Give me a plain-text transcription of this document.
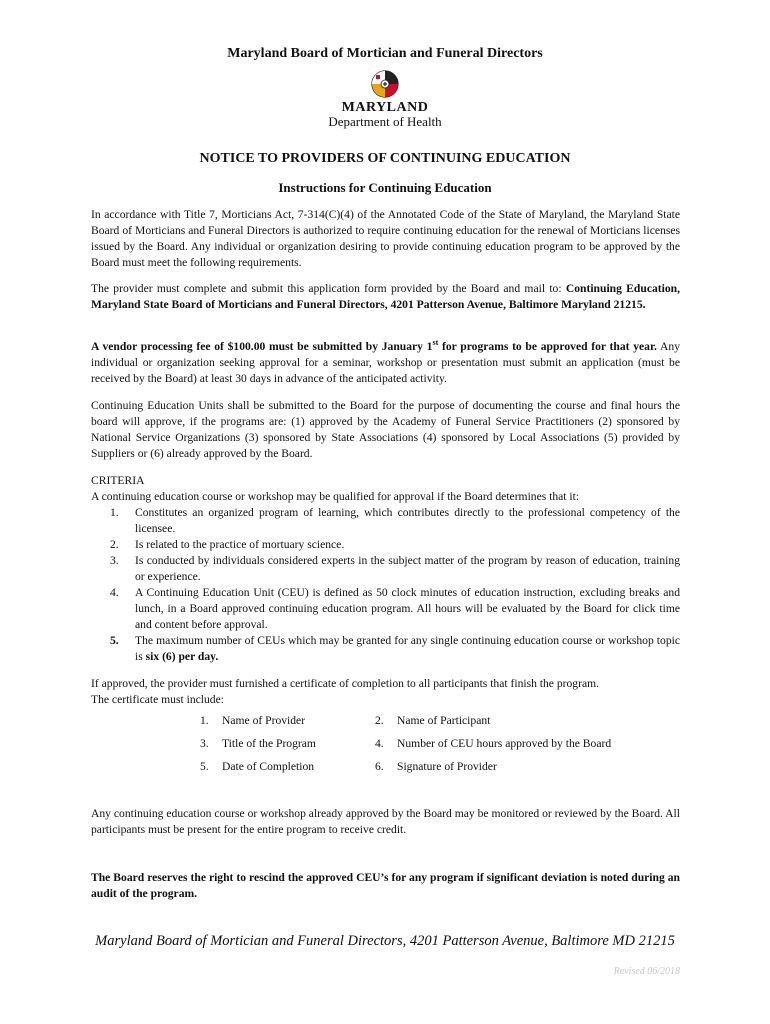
Maryland Board of Mortician and Funeral Directors
MARYLAND
Department of Health
NOTICE TO PROVIDERS OF CONTINUING EDUCATION
Instructions for Continuing Education

In accordance with Title 7, Morticians Act, 7-314(C)(4) of the Annotated Code of the State of Maryland, the Maryland State Board of Morticians and Funeral Directors is authorized to require continuing education for the renewal of Morticians licenses issued by the Board. Any individual or organization desiring to provide continuing education program to be approved by the Board must meet the following requirements.

The provider must complete and submit this application form provided by the Board and mail to: Continuing Education, Maryland State Board of Morticians and Funeral Directors, 4201 Patterson Avenue, Baltimore Maryland 21215.

A vendor processing fee of $100.00 must be submitted by January 1st for programs to be approved for that year. Any individual or organization seeking approval for a seminar, workshop or presentation must submit an application (must be received by the Board) at least 30 days in advance of the anticipated activity.

Continuing Education Units shall be submitted to the Board for the purpose of documenting the course and final hours the board will approve, if the programs are: (1) approved by the Academy of Funeral Service Practitioners (2) sponsored by National Service Organizations (3) sponsored by State Associations (4) sponsored by Local Associations (5) provided by Suppliers or (6) already approved by the Board.

CRITERIA
A continuing education course or workshop may be qualified for approval if the Board determines that it:
1. Constitutes an organized program of learning, which contributes directly to the professional competency of the licensee.
2. Is related to the practice of mortuary science.
3. Is conducted by individuals considered experts in the subject matter of the program by reason of education, training or experience.
4. A Continuing Education Unit (CEU) is defined as 50 clock minutes of education instruction, excluding breaks and lunch, in a Board approved continuing education program. All hours will be evaluated by the Board for click time and content before approval.
5. The maximum number of CEUs which may be granted for any single continuing education course or workshop topic is six (6) per day.
If approved, the provider must furnished a certificate of completion to all participants that finish the program.
The certificate must include:
1.	Name of Provider	2.	Name of Participant
3.	Title of the Program	4.	Number of CEU hours approved by the Board
5.	Date of Completion	6.	Signature of Provider

Any continuing education course or workshop already approved by the Board may be monitored or reviewed by the Board. All participants must be present for the entire program to receive credit.

The Board reserves the right to rescind the approved CEU’s for any program if significant deviation is noted during an audit of the program.

Maryland Board of Mortician and Funeral Directors, 4201 Patterson Avenue, Baltimore MD 21215
Revised 06/2018
